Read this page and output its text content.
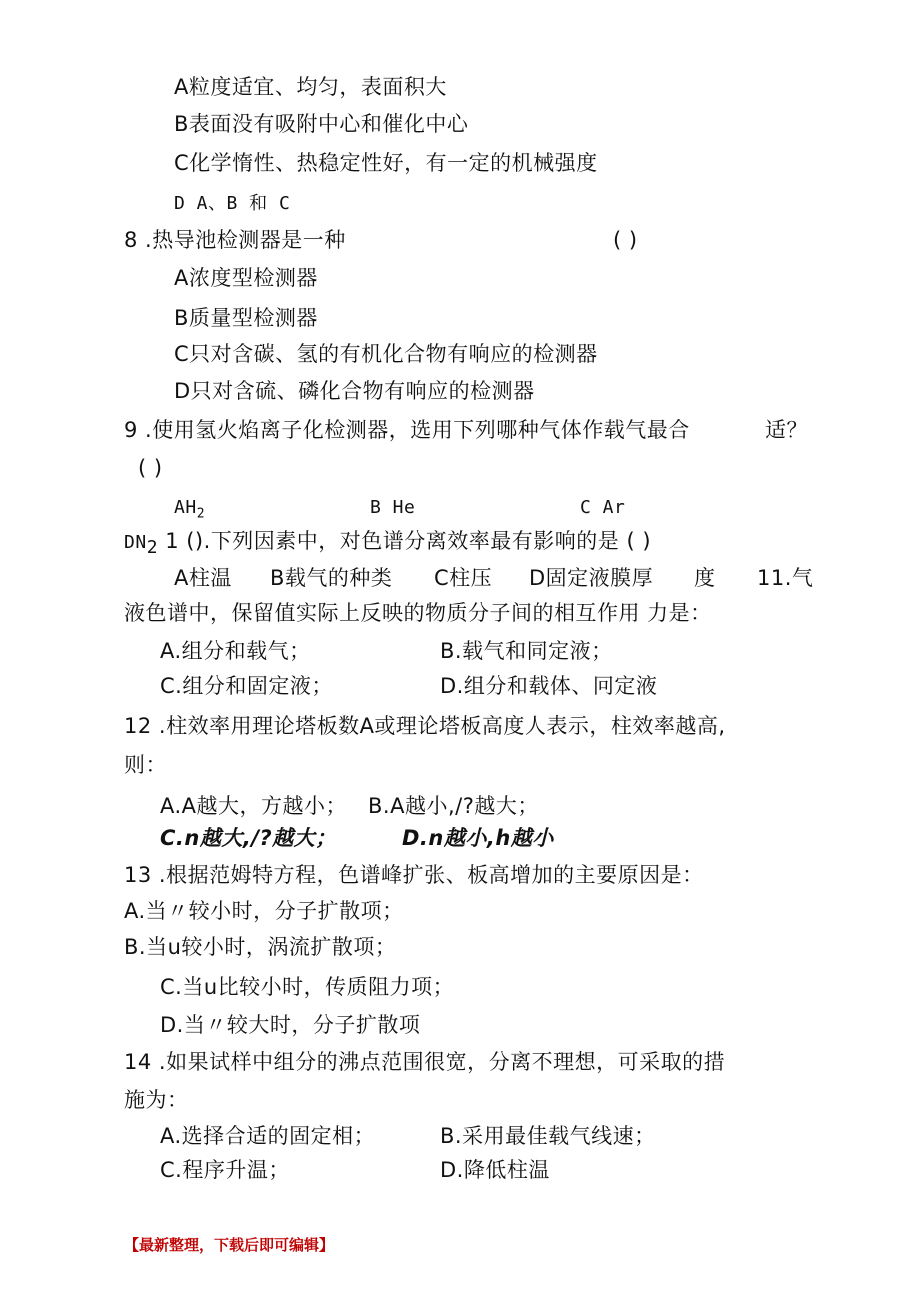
A粒度适宜、均匀，表面积大
B表面没有吸附中心和催化中心
C化学惰性、热稳定性好，有一定的机械强度
D A、B 和 C
8 .热导池检测器是一种	( )
A浓度型检测器
B质量型检测器
C只对含碳、氢的有机化合物有响应的检测器
D只对含硫、磷化合物有响应的检测器
9 .使用氢火焰离子化检测器，选用下列哪种气体作载气最合	适？
( )
$AH_2$	B He	C Ar
$DN_2$ 1 ().下列因素中，对色谱分离效率最有影响的是 ( )
A柱温 B载气的种类 C柱压 D固定液膜厚 度 11.气
液色谱中，保留值实际上反映的物质分子间的相互作用 力是：
A.组分和载气；	B.载气和同定液；
C.组分和固定液；	D.组分和载体、冋定液
12 .柱效率用理论塔板数A或理论塔板高度人表示，柱效率越高,
则：
A.A越大，方越小； B.A越小,/?越大；
C.n越大,/?越大；	D.n越小,h越小
13 .根据范姆特方程，色谱峰扩张、板高增加的主要原因是：
A.当〃较小时，分子扩散项；
B.当u较小时，涡流扩散项；
C.当u比较小时，传质阻力项；
D.当〃较大时，分子扩散项
14 .如果试样中组分的沸点范围很宽，分离不理想，可采取的措
施为：
A.选择合适的固定相；	B.采用最佳载气线速；
C.程序升温；	D.降低柱温
【最新整理，下载后即可编辑】
